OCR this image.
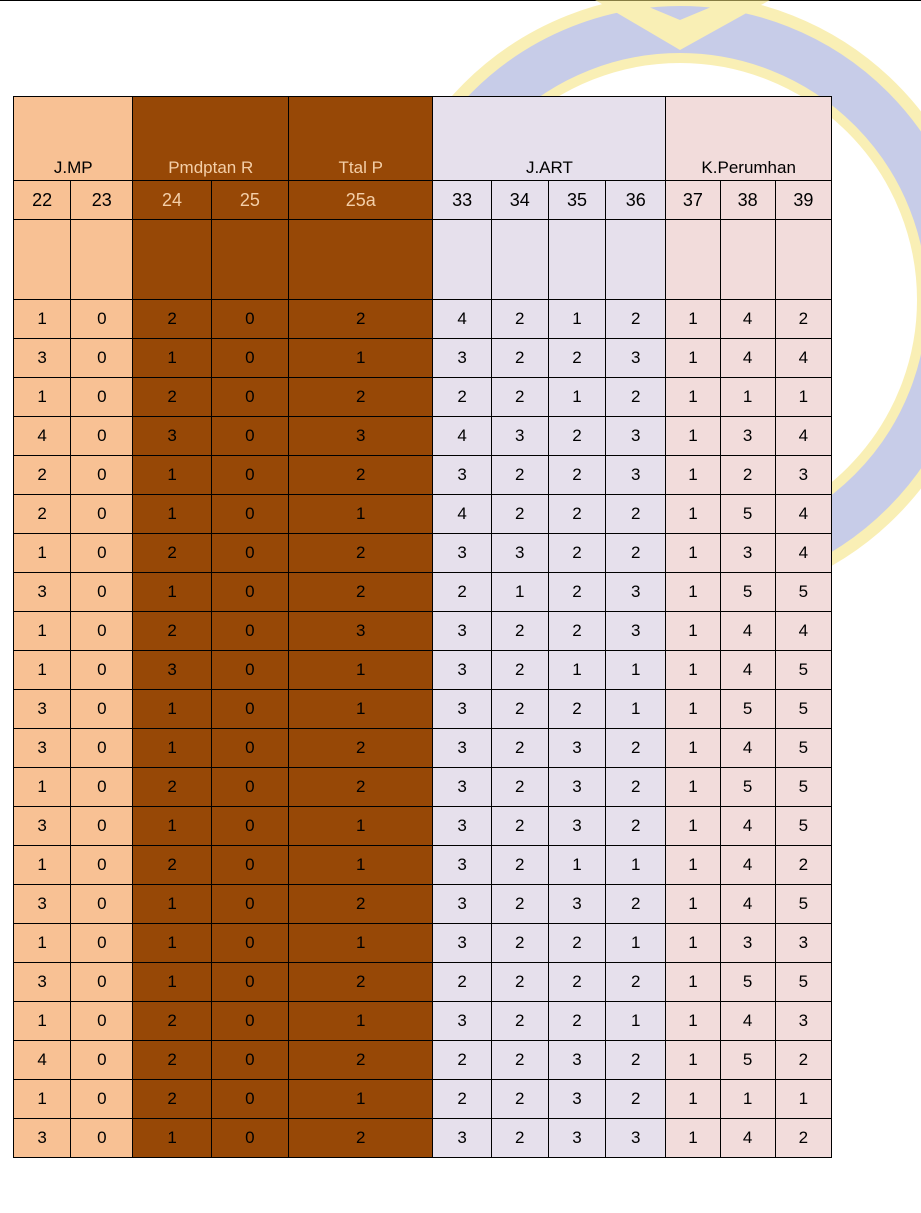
J.MP		Pmdptan R		Ttal P	J.ART				K.Perumhan		
22	23	24	25	25a	33	34	35	36	37	38	39

1	0	2	0	2	4	2	1	2	1	4	2
3	0	1	0	1	3	2	2	3	1	4	4
1	0	2	0	2	2	2	1	2	1	1	1
4	0	3	0	3	4	3	2	3	1	3	4
2	0	1	0	2	3	2	2	3	1	2	3
2	0	1	0	1	4	2	2	2	1	5	4
1	0	2	0	2	3	3	2	2	1	3	4
3	0	1	0	2	2	1	2	3	1	5	5
1	0	2	0	3	3	2	2	3	1	4	4
1	0	3	0	1	3	2	1	1	1	4	5
3	0	1	0	1	3	2	2	1	1	5	5
3	0	1	0	2	3	2	3	2	1	4	5
1	0	2	0	2	3	2	3	2	1	5	5
3	0	1	0	1	3	2	3	2	1	4	5
1	0	2	0	1	3	2	1	1	1	4	2
3	0	1	0	2	3	2	3	2	1	4	5
1	0	1	0	1	3	2	2	1	1	3	3
3	0	1	0	2	2	2	2	2	1	5	5
1	0	2	0	1	3	2	2	1	1	4	3
4	0	2	0	2	2	2	3	2	1	5	2
1	0	2	0	1	2	2	3	2	1	1	1
3	0	1	0	2	3	2	3	3	1	4	2
